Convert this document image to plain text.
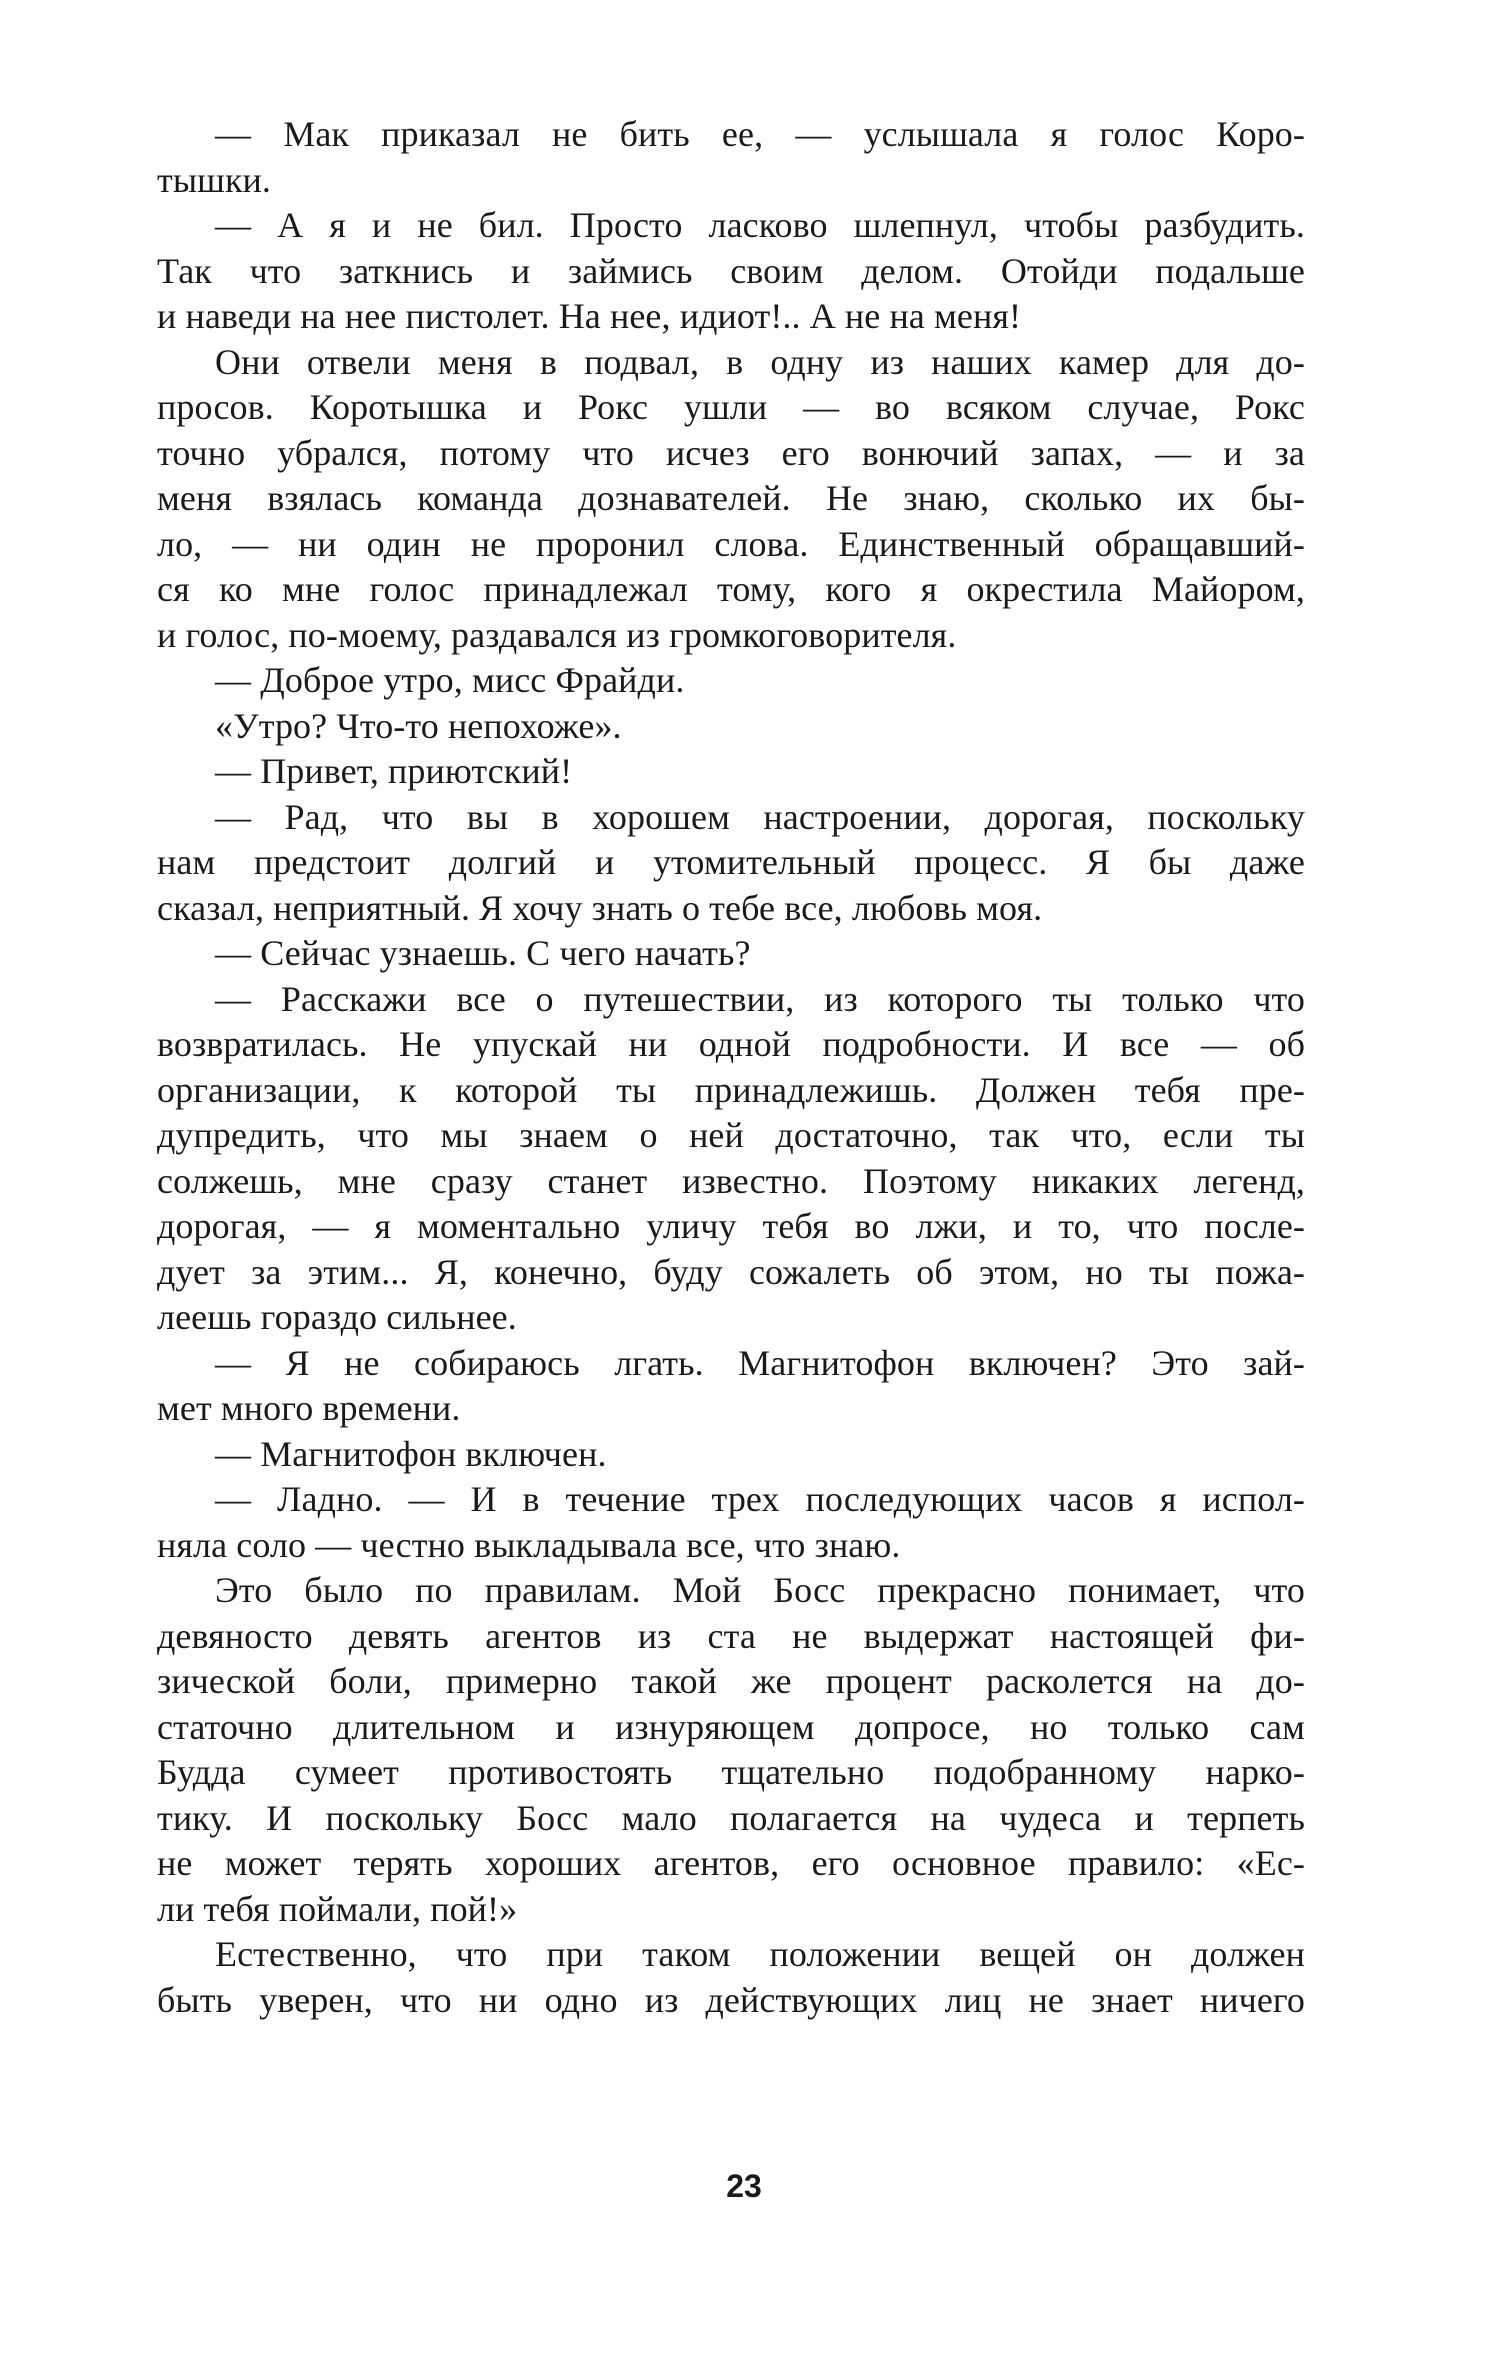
— Мак приказал не бить ее, — услышала я голос Коро-
тышки.
— А я и не бил. Просто ласково шлепнул, чтобы разбудить.
Так что заткнись и займись своим делом. Отойди подальше
и наведи на нее пистолет. На нее, идиот!.. А не на меня!
Они отвели меня в подвал, в одну из наших камер для до-
просов. Коротышка и Рокс ушли — во всяком случае, Рокс
точно убрался, потому что исчез его вонючий запах, — и за
меня взялась команда дознавателей. Не знаю, сколько их бы-
ло, — ни один не проронил слова. Единственный обращавший-
ся ко мне голос принадлежал тому, кого я окрестила Майором,
и голос, по-моему, раздавался из громкоговорителя.
— Доброе утро, мисс Фрайди.
«Утро? Что-то непохоже».
— Привет, приютский!
— Рад, что вы в хорошем настроении, дорогая, поскольку
нам предстоит долгий и утомительный процесс. Я бы даже
сказал, неприятный. Я хочу знать о тебе все, любовь моя.
— Сейчас узнаешь. С чего начать?
— Расскажи все о путешествии, из которого ты только что
возвратилась. Не упускай ни одной подробности. И все — об
организации, к которой ты принадлежишь. Должен тебя пре-
дупредить, что мы знаем о ней достаточно, так что, если ты
солжешь, мне сразу станет известно. Поэтому никаких легенд,
дорогая, — я моментально уличу тебя во лжи, и то, что после-
дует за этим... Я, конечно, буду сожалеть об этом, но ты пожа-
леешь гораздо сильнее.
— Я не собираюсь лгать. Магнитофон включен? Это зай-
мет много времени.
— Магнитофон включен.
— Ладно. — И в течение трех последующих часов я испол-
няла соло — честно выкладывала все, что знаю.
Это было по правилам. Мой Босс прекрасно понимает, что
девяносто девять агентов из ста не выдержат настоящей фи-
зической боли, примерно такой же процент расколется на до-
статочно длительном и изнуряющем допросе, но только сам
Будда сумеет противостоять тщательно подобранному нарко-
тику. И поскольку Босс мало полагается на чудеса и терпеть
не может терять хороших агентов, его основное правило: «Ес-
ли тебя поймали, пой!»
Естественно, что при таком положении вещей он должен
быть уверен, что ни одно из действующих лиц не знает ничего
23
